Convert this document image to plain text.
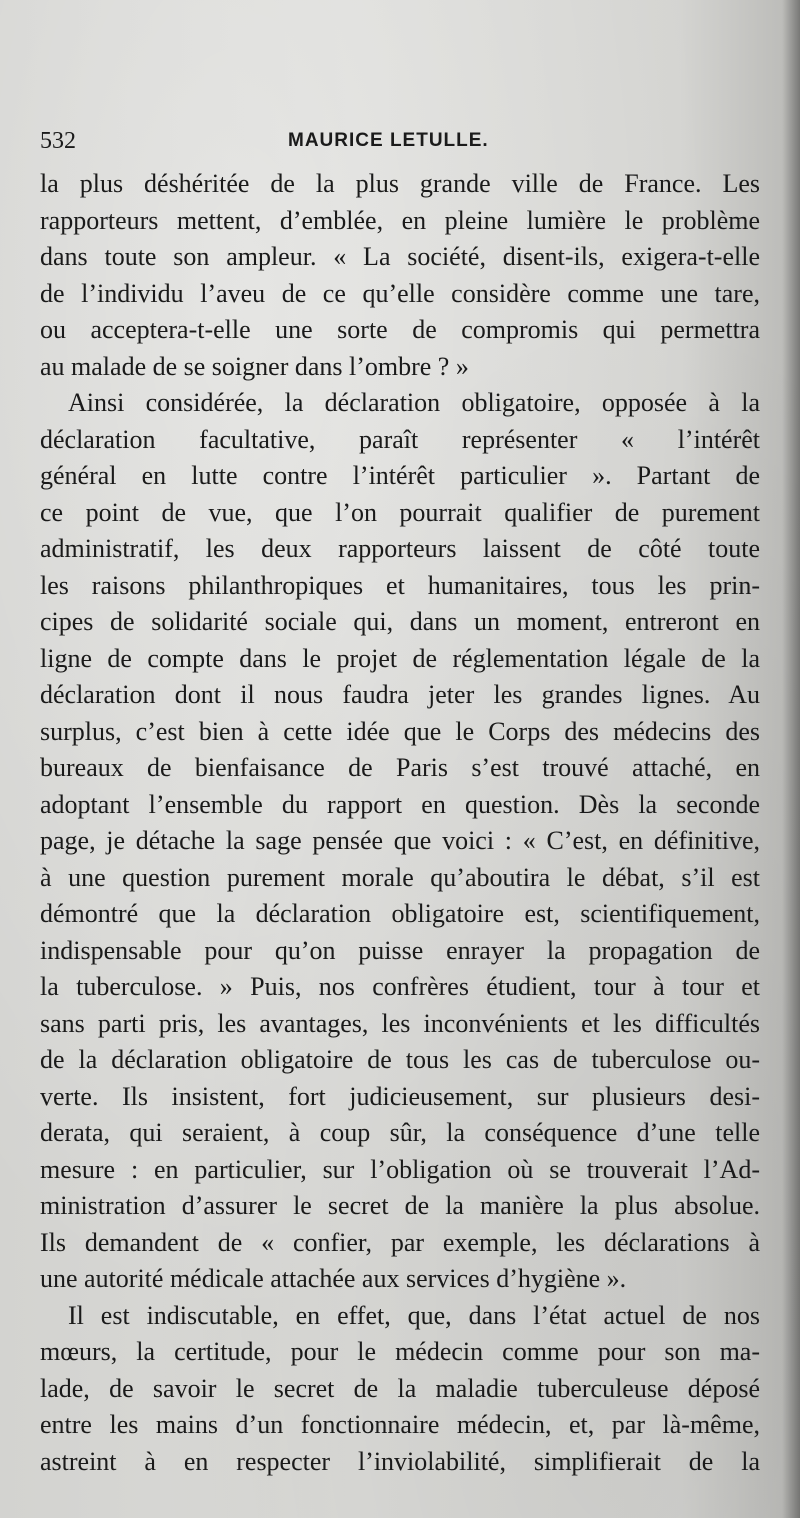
532	MAURICE LETULLE.
la plus déshéritée de la plus grande ville de France. Les
rapporteurs mettent, d’emblée, en pleine lumière le problème
dans toute son ampleur. « La société, disent-ils, exigera-t-elle
de l’individu l’aveu de ce qu’elle considère comme une tare,
ou acceptera-t-elle une sorte de compromis qui permettra
au malade de se soigner dans l’ombre ? »
Ainsi considérée, la déclaration obligatoire, opposée à la
déclaration facultative, paraît représenter « l’intérêt
général en lutte contre l’intérêt particulier ». Partant de
ce point de vue, que l’on pourrait qualifier de purement
administratif, les deux rapporteurs laissent de côté toute
les raisons philanthropiques et humanitaires, tous les prin-
cipes de solidarité sociale qui, dans un moment, entreront en
ligne de compte dans le projet de réglementation légale de la
déclaration dont il nous faudra jeter les grandes lignes. Au
surplus, c’est bien à cette idée que le Corps des médecins des
bureaux de bienfaisance de Paris s’est trouvé attaché, en
adoptant l’ensemble du rapport en question. Dès la seconde
page, je détache la sage pensée que voici : « C’est, en définitive,
à une question purement morale qu’aboutira le débat, s’il est
démontré que la déclaration obligatoire est, scientifiquement,
indispensable pour qu’on puisse enrayer la propagation de
la tuberculose. » Puis, nos confrères étudient, tour à tour et
sans parti pris, les avantages, les inconvénients et les difficultés
de la déclaration obligatoire de tous les cas de tuberculose ou-
verte. Ils insistent, fort judicieusement, sur plusieurs desi-
derata, qui seraient, à coup sûr, la conséquence d’une telle
mesure : en particulier, sur l’obligation où se trouverait l’Ad-
ministration d’assurer le secret de la manière la plus absolue.
Ils demandent de « confier, par exemple, les déclarations à
une autorité médicale attachée aux services d’hygiène ».
Il est indiscutable, en effet, que, dans l’état actuel de nos
mœurs, la certitude, pour le médecin comme pour son ma-
lade, de savoir le secret de la maladie tuberculeuse déposé
entre les mains d’un fonctionnaire médecin, et, par là-même,
astreint à en respecter l’inviolabilité, simplifierait de la
